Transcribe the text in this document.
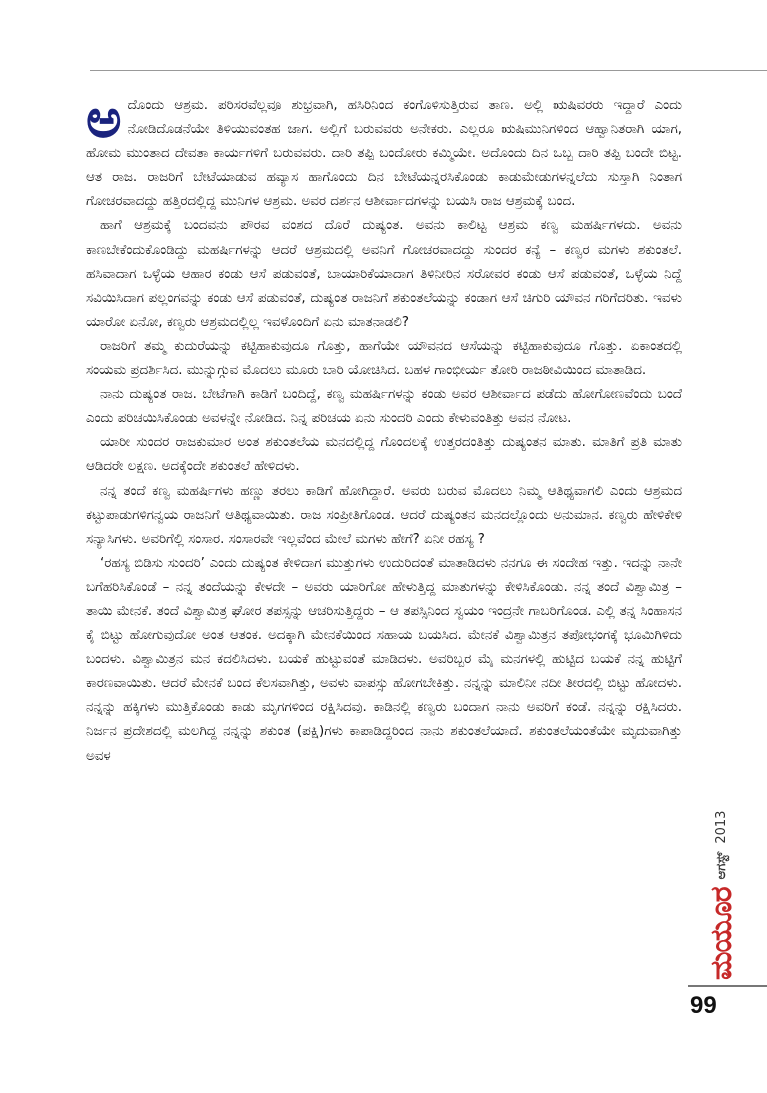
ಅದೊಂದು ಆಶ್ರಮ. ಪರಿಸರವೆಲ್ಲವೂ ಶುಭ್ರವಾಗಿ, ಹಸಿರಿನಿಂದ ಕಂಗೊಳಿಸುತ್ತಿರುವ ತಾಣ. ಅಲ್ಲಿ ಋಷಿವರರು ಇದ್ದಾರೆ ಎಂದು ನೋಡಿದೊಡನೆಯೇ ತಿಳಿಯುವಂತಹ ಜಾಗ. ಅಲ್ಲಿಗೆ ಬರುವವರು ಅನೇಕರು. ಎಲ್ಲರೂ ಋಷಿಮುನಿಗಳಿಂದ ಆಹ್ವಾನಿತರಾಗಿ ಯಾಗ, ಹೋಮ ಮುಂತಾದ ದೇವತಾ ಕಾರ್ಯಗಳಿಗೆ ಬರುವವರು. ದಾರಿ ತಪ್ಪಿ ಬಂದೋರು ಕಮ್ಮಿಯೇ. ಅದೊಂದು ದಿನ ಒಬ್ಬ ದಾರಿ ತಪ್ಪಿ ಬಂದೇ ಬಿಟ್ಟ. ಆತ ರಾಜ. ರಾಜರಿಗೆ ಬೇಟೆಯಾಡುವ ಹವ್ಯಾಸ ಹಾಗೊಂದು ದಿನ ಬೇಟೆಯನ್ನರಸಿಕೊಂಡು ಕಾಡುಮೇಡುಗಳನ್ನಲೆದು ಸುಸ್ತಾಗಿ ನಿಂತಾಗ ಗೋಚರವಾದದ್ದು ಹತ್ತಿರದಲ್ಲಿದ್ದ ಮುನಿಗಳ ಆಶ್ರಮ. ಅವರ ದರ್ಶನ ಆಶೀರ್ವಾದಗಳನ್ನು ಬಯಸಿ ರಾಜ ಆಶ್ರಮಕ್ಕೆ ಬಂದ.

ಹಾಗೆ ಆಶ್ರಮಕ್ಕೆ ಬಂದವನು ಪೌರವ ವಂಶದ ದೊರೆ ದುಷ್ಯಂತ. ಅವನು ಕಾಲಿಟ್ಟ ಆಶ್ರಮ ಕಣ್ವ ಮಹರ್ಷಿಗಳದು. ಅವನು ಕಾಣಬೇಕೆಂದುಕೊಂಡಿದ್ದು ಮಹರ್ಷಿಗಳನ್ನು ಆದರೆ ಆಶ್ರಮದಲ್ಲಿ ಅವನಿಗೆ ಗೋಚರವಾದದ್ದು ಸುಂದರ ಕನ್ಯೆ – ಕಣ್ವರ ಮಗಳು ಶಕುಂತಲೆ. ಹಸಿವಾದಾಗ ಒಳ್ಳೆಯ ಆಹಾರ ಕಂಡು ಆಸೆ ಪಡುವಂತೆ, ಬಾಯಾರಿಕೆಯಾದಾಗ ತಿಳಿನೀರಿನ ಸರೋವರ ಕಂಡು ಆಸೆ ಪಡುವಂತೆ, ಒಳ್ಳೆಯ ನಿದ್ದೆ ಸವಿಯಿಸಿದಾಗ ಪಲ್ಲಂಗವನ್ನು ಕಂಡು ಆಸೆ ಪಡುವಂತೆ, ದುಷ್ಯಂತ ರಾಜನಿಗೆ ಶಕುಂತಲೆಯನ್ನು ಕಂಡಾಗ ಆಸೆ ಚಿಗುರಿ ಯೌವನ ಗರಿಗೆದರಿತು. ಇವಳು ಯಾರೋ ಏನೋ, ಕಣ್ವರು ಆಶ್ರಮದಲ್ಲಿಲ್ಲ ಇವಳೊಂದಿಗೆ ಏನು ಮಾತನಾಡಲಿ?

ರಾಜರಿಗೆ ತಮ್ಮ ಕುದುರೆಯನ್ನು ಕಟ್ಟಿಹಾಕುವುದೂ ಗೊತ್ತು, ಹಾಗೆಯೇ ಯೌವನದ ಆಸೆಯನ್ನು ಕಟ್ಟಿಹಾಕುವುದೂ ಗೊತ್ತು. ಏಕಾಂತದಲ್ಲಿ ಸಂಯಮ ಪ್ರದರ್ಶಿಸಿದ. ಮುನ್ನುಗ್ಗುವ ಮೊದಲು ಮೂರು ಬಾರಿ ಯೋಚಿಸಿದ. ಬಹಳ ಗಾಂಭೀರ್ಯ ತೋರಿ ರಾಜಠೀವಿಯಿಂದ ಮಾತಾಡಿದ.

ನಾನು ದುಷ್ಯಂತ ರಾಜ. ಬೇಟೆಗಾಗಿ ಕಾಡಿಗೆ ಬಂದಿದ್ದೆ, ಕಣ್ವ ಮಹರ್ಷಿಗಳನ್ನು ಕಂಡು ಅವರ ಆಶೀರ್ವಾದ ಪಡೆದು ಹೋಗೋಣವೆಂದು ಬಂದೆ ಎಂದು ಪರಿಚಯಿಸಿಕೊಂಡು ಅವಳನ್ನೇ ನೋಡಿದ. ನಿನ್ನ ಪರಿಚಯ ಏನು ಸುಂದರಿ ಎಂದು ಕೇಳುವಂತಿತ್ತು ಅವನ ನೋಟ.

ಯಾರೀ ಸುಂದರ ರಾಜಕುಮಾರ ಅಂತ ಶಕುಂತಲೆಯ ಮನದಲ್ಲಿದ್ದ ಗೊಂದಲಕ್ಕೆ ಉತ್ತರದಂತಿತ್ತು ದುಷ್ಯಂತನ ಮಾತು. ಮಾತಿಗೆ ಪ್ರತಿ ಮಾತು ಆಡಿದರೇ ಲಕ್ಷಣ. ಅದಕ್ಕೆಂದೇ ಶಕುಂತಲೆ ಹೇಳಿದಳು.

ನನ್ನ ತಂದೆ ಕಣ್ವ ಮಹರ್ಷಿಗಳು ಹಣ್ಣು ತರಲು ಕಾಡಿಗೆ ಹೋಗಿದ್ದಾರೆ. ಅವರು ಬರುವ ಮೊದಲು ನಿಮ್ಮ ಆತಿಥ್ಯವಾಗಲಿ ಎಂದು ಆಶ್ರಮದ ಕಟ್ಟುಪಾಡುಗಳಿಗನ್ವಯ ರಾಜನಿಗೆ ಆತಿಥ್ಯವಾಯಿತು. ರಾಜ ಸಂಪ್ರೀತಿಗೊಂಡ. ಆದರೆ ದುಷ್ಯಂತನ ಮನದಲ್ಲೊಂದು ಅನುಮಾನ. ಕಣ್ವರು ಹೇಳಿಕೇಳಿ ಸನ್ಯಾಸಿಗಳು. ಅವರಿಗೆಲ್ಲಿ ಸಂಸಾರ. ಸಂಸಾರವೇ ಇಲ್ಲವೆಂದ ಮೇಲೆ ಮಗಳು ಹೇಗೆ? ಏನೀ ರಹಸ್ಯ ?

‘ರಹಸ್ಯ ಬಿಡಿಸು ಸುಂದರಿ’ ಎಂದು ದುಷ್ಯಂತ ಕೇಳಿದಾಗ ಮುತ್ತುಗಳು ಉದುರಿದಂತೆ ಮಾತಾಡಿದಳು ನನಗೂ ಈ ಸಂದೇಹ ಇತ್ತು. ಇದನ್ನು ನಾನೇ ಬಗೆಹರಿಸಿಕೊಂಡೆ – ನನ್ನ ತಂದೆಯನ್ನು ಕೇಳದೇ – ಅವರು ಯಾರಿಗೋ ಹೇಳುತ್ತಿದ್ದ ಮಾತುಗಳನ್ನು ಕೇಳಿಸಿಕೊಂಡು. ನನ್ನ ತಂದೆ ವಿಶ್ವಾಮಿತ್ರ – ತಾಯಿ ಮೇನಕೆ. ತಂದೆ ವಿಶ್ವಾಮಿತ್ರ ಘೋರ ತಪಸ್ಸನ್ನು ಆಚರಿಸುತ್ತಿದ್ದರು – ಆ ತಪಸ್ಸಿನಿಂದ ಸ್ವಯಂ ಇಂದ್ರನೇ ಗಾಬರಿಗೊಂಡ. ಎಲ್ಲಿ ತನ್ನ ಸಿಂಹಾಸನ ಕೈ ಬಿಟ್ಟು ಹೋಗುವುದೋ ಅಂತ ಆತಂಕ. ಅದಕ್ಕಾಗಿ ಮೇನಕೆಯಿಂದ ಸಹಾಯ ಬಯಸಿದ. ಮೇನಕೆ ವಿಶ್ವಾಮಿತ್ರನ ತಪೋಭಂಗಕ್ಕೆ ಭೂಮಿಗಿಳಿದು ಬಂದಳು. ವಿಶ್ವಾಮಿತ್ರನ ಮನ ಕದಲಿಸಿದಳು. ಬಯಕೆ ಹುಟ್ಟುವಂತೆ ಮಾಡಿದಳು. ಅವರಿಬ್ಬರ ಮೈ ಮನಗಳಲ್ಲಿ ಹುಟ್ಟಿದ ಬಯಕೆ ನನ್ನ ಹುಟ್ಟಿಗೆ ಕಾರಣವಾಯಿತು. ಆದರೆ ಮೇನಕೆ ಬಂದ ಕೆಲಸವಾಗಿತ್ತು, ಅವಳು ವಾಪಸ್ಸು ಹೋಗಬೇಕಿತ್ತು. ನನ್ನನ್ನು ಮಾಲಿನೀ ನದೀ ತೀರದಲ್ಲಿ ಬಿಟ್ಟು ಹೋದಳು. ನನ್ನನ್ನು ಹಕ್ಕಿಗಳು ಮುತ್ತಿಕೊಂಡು ಕಾಡು ಮೃಗಗಳಿಂದ ರಕ್ಷಿಸಿದವು. ಕಾಡಿನಲ್ಲಿ ಕಣ್ವರು ಬಂದಾಗ ನಾನು ಅವರಿಗೆ ಕಂಡೆ. ನನ್ನನ್ನು ರಕ್ಷಿಸಿದರು. ನಿರ್ಜನ ಪ್ರದೇಶದಲ್ಲಿ ಮಲಗಿದ್ದ ನನ್ನನ್ನು ಶಕುಂತ (ಪಕ್ಷಿ)ಗಳು ಕಾಪಾಡಿದ್ದರಿಂದ ನಾನು ಶಕುಂತಲೆಯಾದೆ. ಶಕುಂತಲೆಯಂತೆಯೇ ಮೃದುವಾಗಿತ್ತು ಅವಳ

ಮಯೂರ
ಆಗಸ್ಟ್
2013
99
